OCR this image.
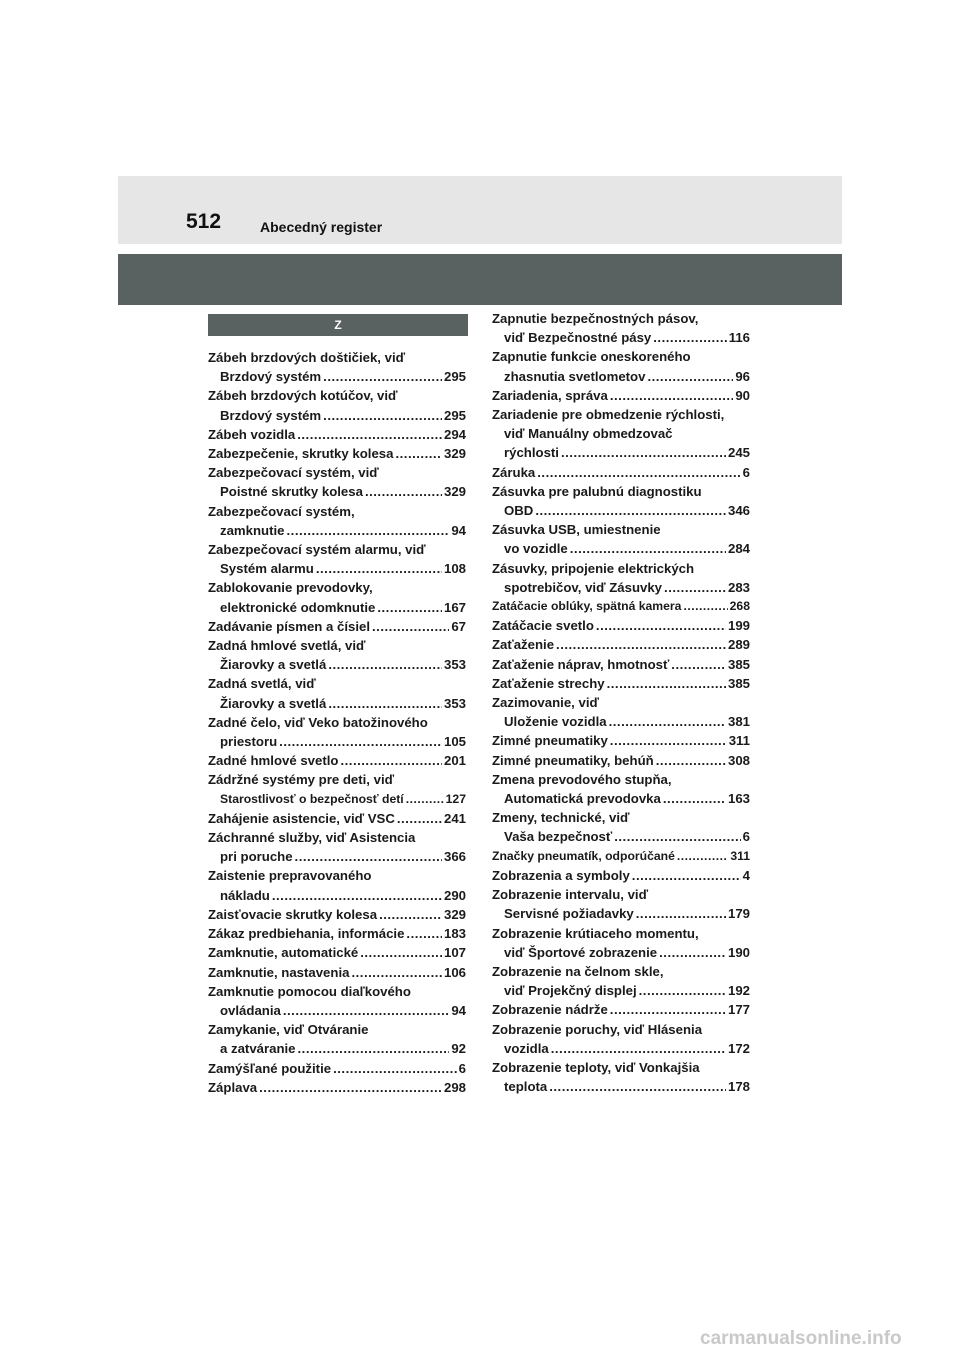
512	Abecedný register
Z
Zábeh brzdových doštičiek, viď
Brzdový systém .....	295
Zábeh brzdových kotúčov, viď
Brzdový systém .....	295
Zábeh vozidla .....	294
Zabezpečenie, skrutky kolesa .....	329
Zabezpečovací systém, viď
Poistné skrutky kolesa .....	329
Zabezpečovací systém,
zamknutie .....	94
Zabezpečovací systém alarmu, viď
Systém alarmu .....	108
Zablokovanie prevodovky,
elektronické odomknutie .....	167
Zadávanie písmen a čísiel .....	67
Zadná hmlové svetlá, viď
Žiarovky a svetlá .....	353
Zadná svetlá, viď
Žiarovky a svetlá .....	353
Zadné čelo, viď Veko batožinového
priestoru .....	105
Zadné hmlové svetlo .....	201
Zádržné systémy pre deti, viď
Starostlivosť o bezpečnosť detí .....	127
Zahájenie asistencie, viď VSC .....	241
Záchranné služby, viď Asistencia
pri poruche .....	366
Zaistenie prepravovaného
nákladu .....	290
Zaisťovacie skrutky kolesa .....	329
Zákaz predbiehania, informácie .....	183
Zamknutie, automatické .....	107
Zamknutie, nastavenia .....	106
Zamknutie pomocou diaľkového
ovládania .....	94
Zamykanie, viď Otváranie
a zatváranie .....	92
Zamýšľané použitie .....	6
Záplava .....	298
Zapnutie bezpečnostných pásov,
viď Bezpečnostné pásy .....	116
Zapnutie funkcie oneskoreného
zhasnutia svetlometov .....	96
Zariadenia, správa .....	90
Zariadenie pre obmedzenie rýchlosti,
viď Manuálny obmedzovač
rýchlosti .....	245
Záruka .....	6
Zásuvka pre palubnú diagnostiku
OBD .....	346
Zásuvka USB, umiestnenie
vo vozidle .....	284
Zásuvky, pripojenie elektrických
spotrebičov, viď Zásuvky .....	283
Zatáčacie oblúky, spätná kamera .....	268
Zatáčacie svetlo .....	199
Zaťaženie .....	289
Zaťaženie náprav, hmotnosť .....	385
Zaťaženie strechy .....	385
Zazimovanie, viď
Uloženie vozidla .....	381
Zimné pneumatiky .....	311
Zimné pneumatiky, behúň .....	308
Zmena prevodového stupňa,
Automatická prevodovka .....	163
Zmeny, technické, viď
Vaša bezpečnosť .....	6
Značky pneumatík, odporúčané .....	311
Zobrazenia a symboly .....	4
Zobrazenie intervalu, viď
Servisné požiadavky .....	179
Zobrazenie krútiaceho momentu,
viď Športové zobrazenie .....	190
Zobrazenie na čelnom skle,
viď Projekčný displej .....	192
Zobrazenie nádrže .....	177
Zobrazenie poruchy, viď Hlásenia
vozidla .....	172
Zobrazenie teploty, viď Vonkajšia
teplota .....	178
carmanualsonline.info
